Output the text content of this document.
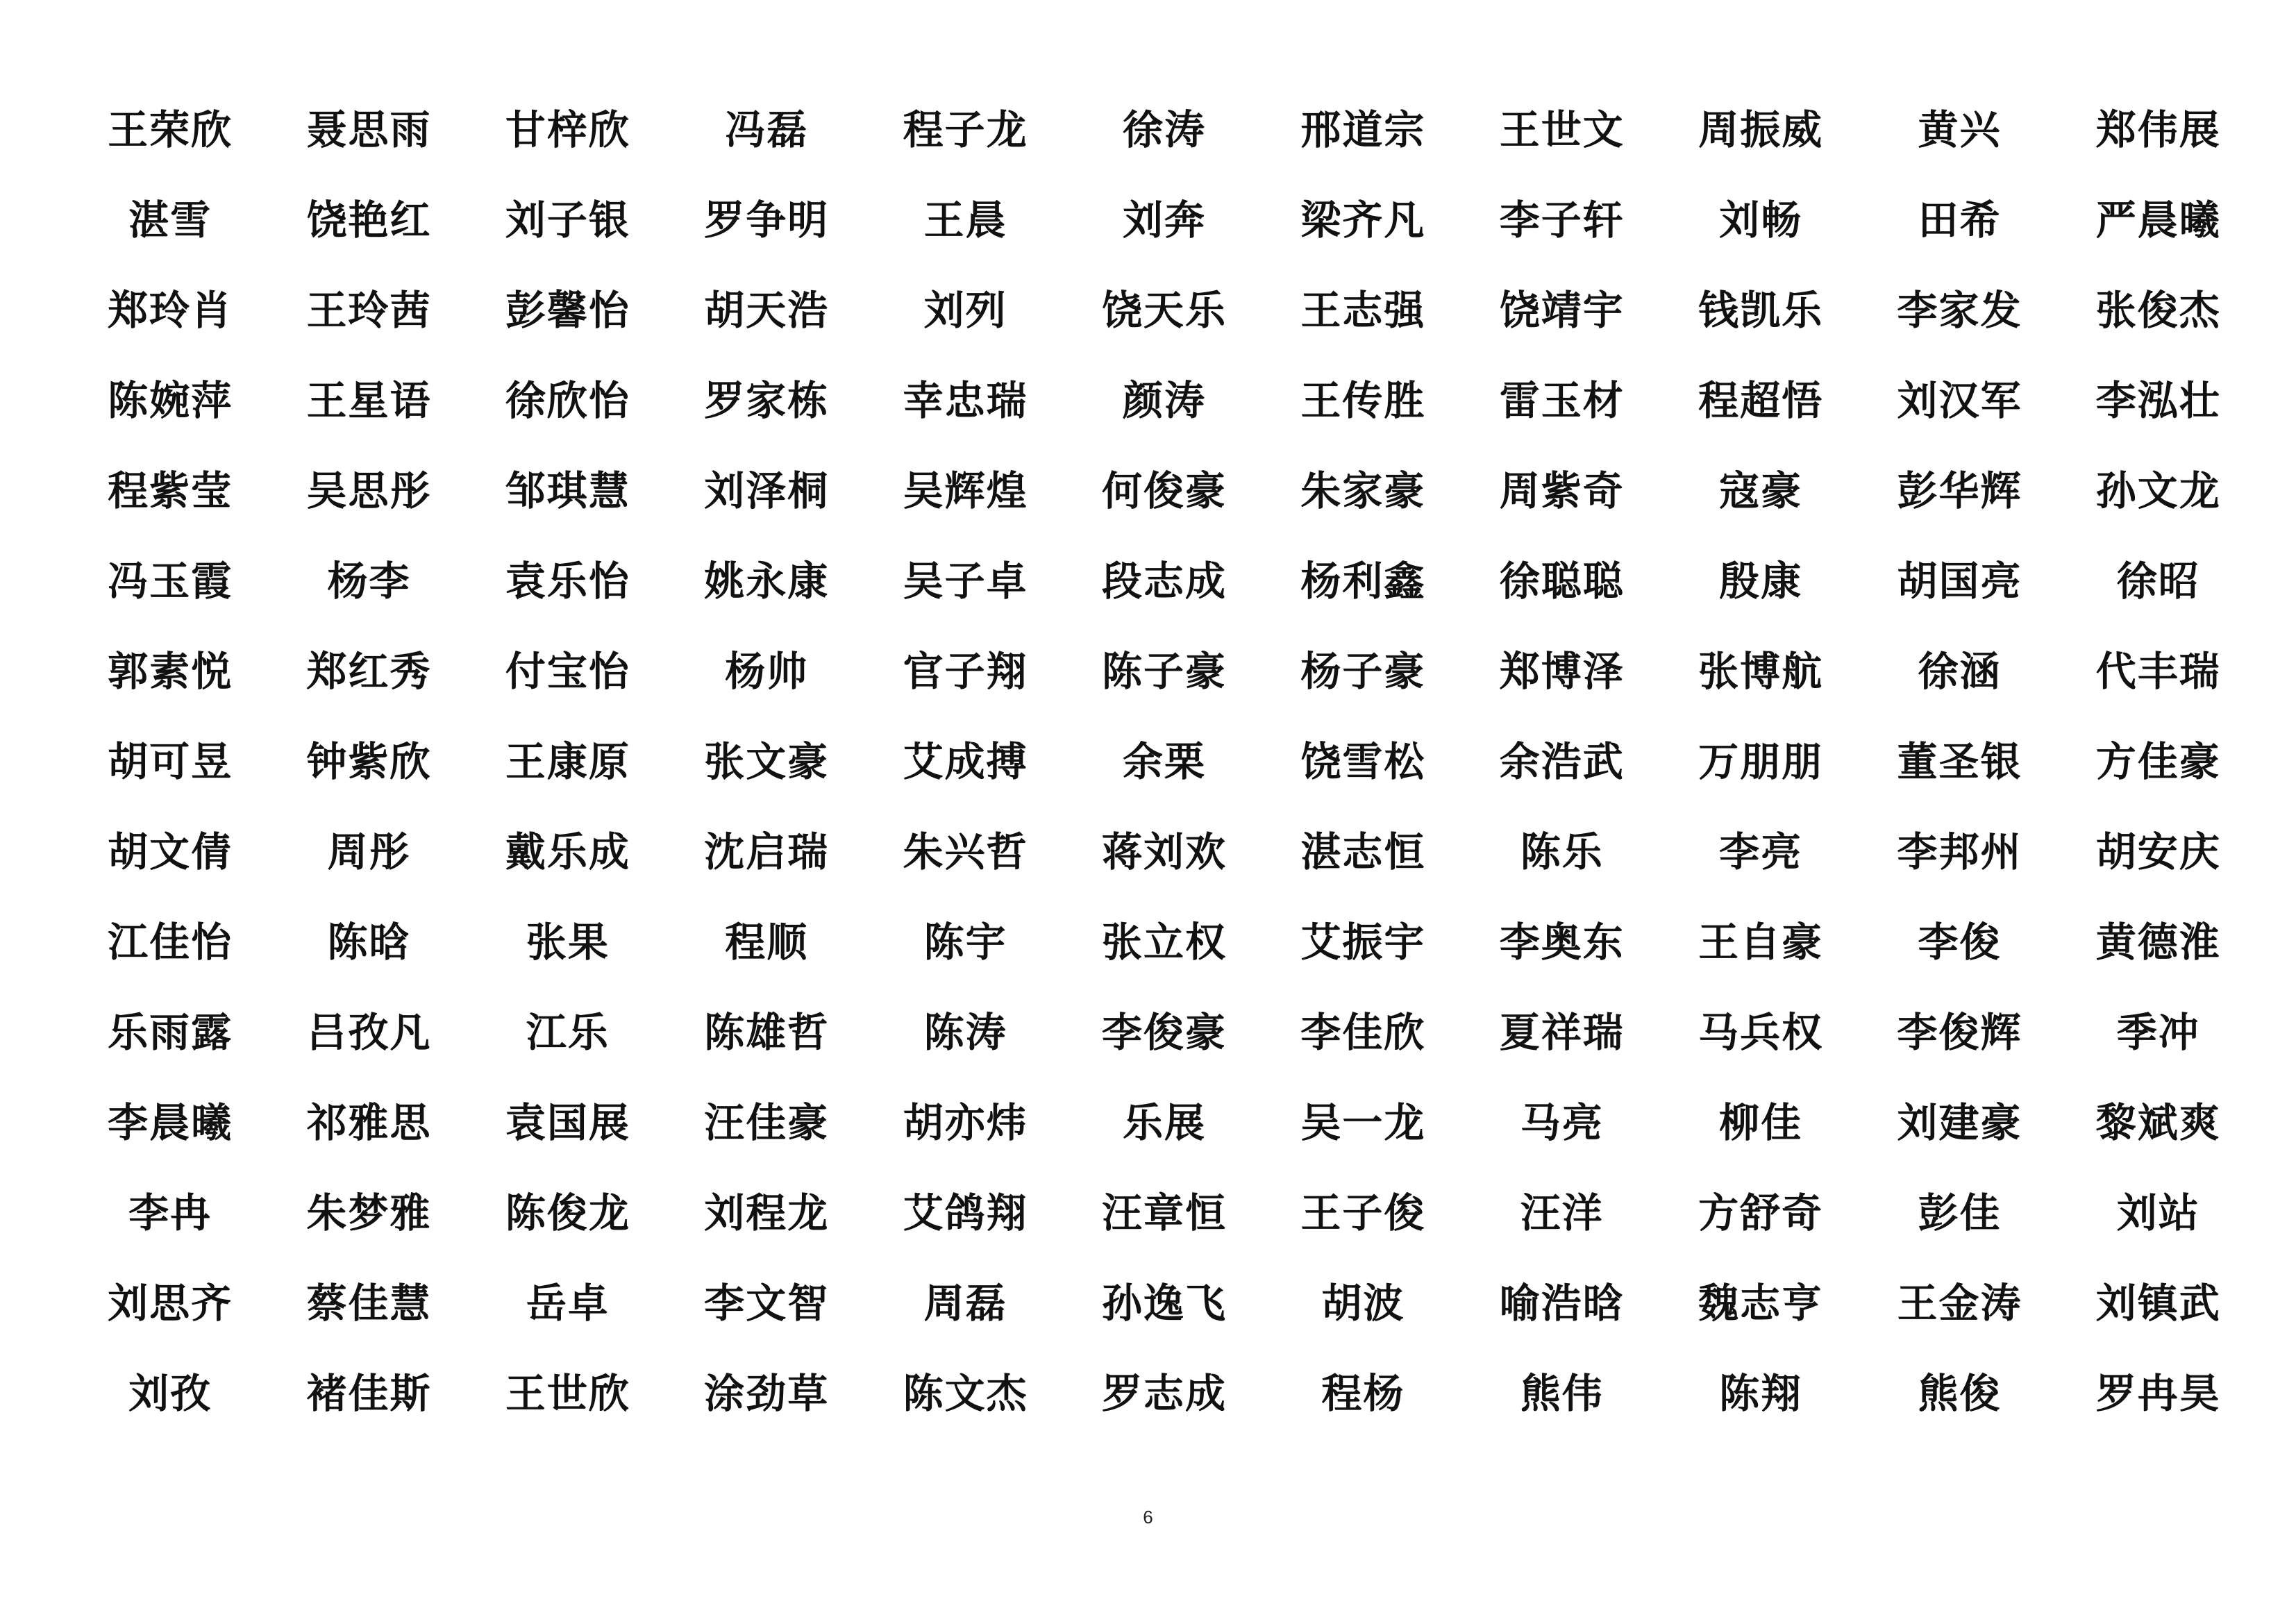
王荣欣	聂思雨	甘梓欣	冯磊	程子龙	徐涛	邢道宗	王世文	周振威	黄兴	郑伟展
湛雪	饶艳红	刘子银	罗争明	王晨	刘奔	梁齐凡	李子轩	刘畅	田希	严晨曦
郑玲肖	王玲茜	彭馨怡	胡天浩	刘列	饶天乐	王志强	饶靖宇	钱凯乐	李家发	张俊杰
陈婉萍	王星语	徐欣怡	罗家栋	幸忠瑞	颜涛	王传胜	雷玉材	程超悟	刘汉军	李泓壮
程紫莹	吴思彤	邹琪慧	刘泽桐	吴辉煌	何俊豪	朱家豪	周紫奇	寇豪	彭华辉	孙文龙
冯玉霞	杨李	袁乐怡	姚永康	吴子卓	段志成	杨利鑫	徐聪聪	殷康	胡国亮	徐昭
郭素悦	郑红秀	付宝怡	杨帅	官子翔	陈子豪	杨子豪	郑博泽	张博航	徐涵	代丰瑞
胡可昱	钟紫欣	王康原	张文豪	艾成搏	余栗	饶雪松	余浩武	万朋朋	董圣银	方佳豪
胡文倩	周彤	戴乐成	沈启瑞	朱兴哲	蒋刘欢	湛志恒	陈乐	李亮	李邦州	胡安庆
江佳怡	陈晗	张果	程顺	陈宇	张立权	艾振宇	李奥东	王自豪	李俊	黄德淮
乐雨露	吕孜凡	江乐	陈雄哲	陈涛	李俊豪	李佳欣	夏祥瑞	马兵权	李俊辉	季冲
李晨曦	祁雅思	袁国展	汪佳豪	胡亦炜	乐展	吴一龙	马亮	柳佳	刘建豪	黎斌爽
李冉	朱梦雅	陈俊龙	刘程龙	艾鸽翔	汪章恒	王子俊	汪洋	方舒奇	彭佳	刘站
刘思齐	蔡佳慧	岳卓	李文智	周磊	孙逸飞	胡波	喻浩晗	魏志亨	王金涛	刘镇武
刘孜	褚佳斯	王世欣	涂劲草	陈文杰	罗志成	程杨	熊伟	陈翔	熊俊	罗冉昊
6
